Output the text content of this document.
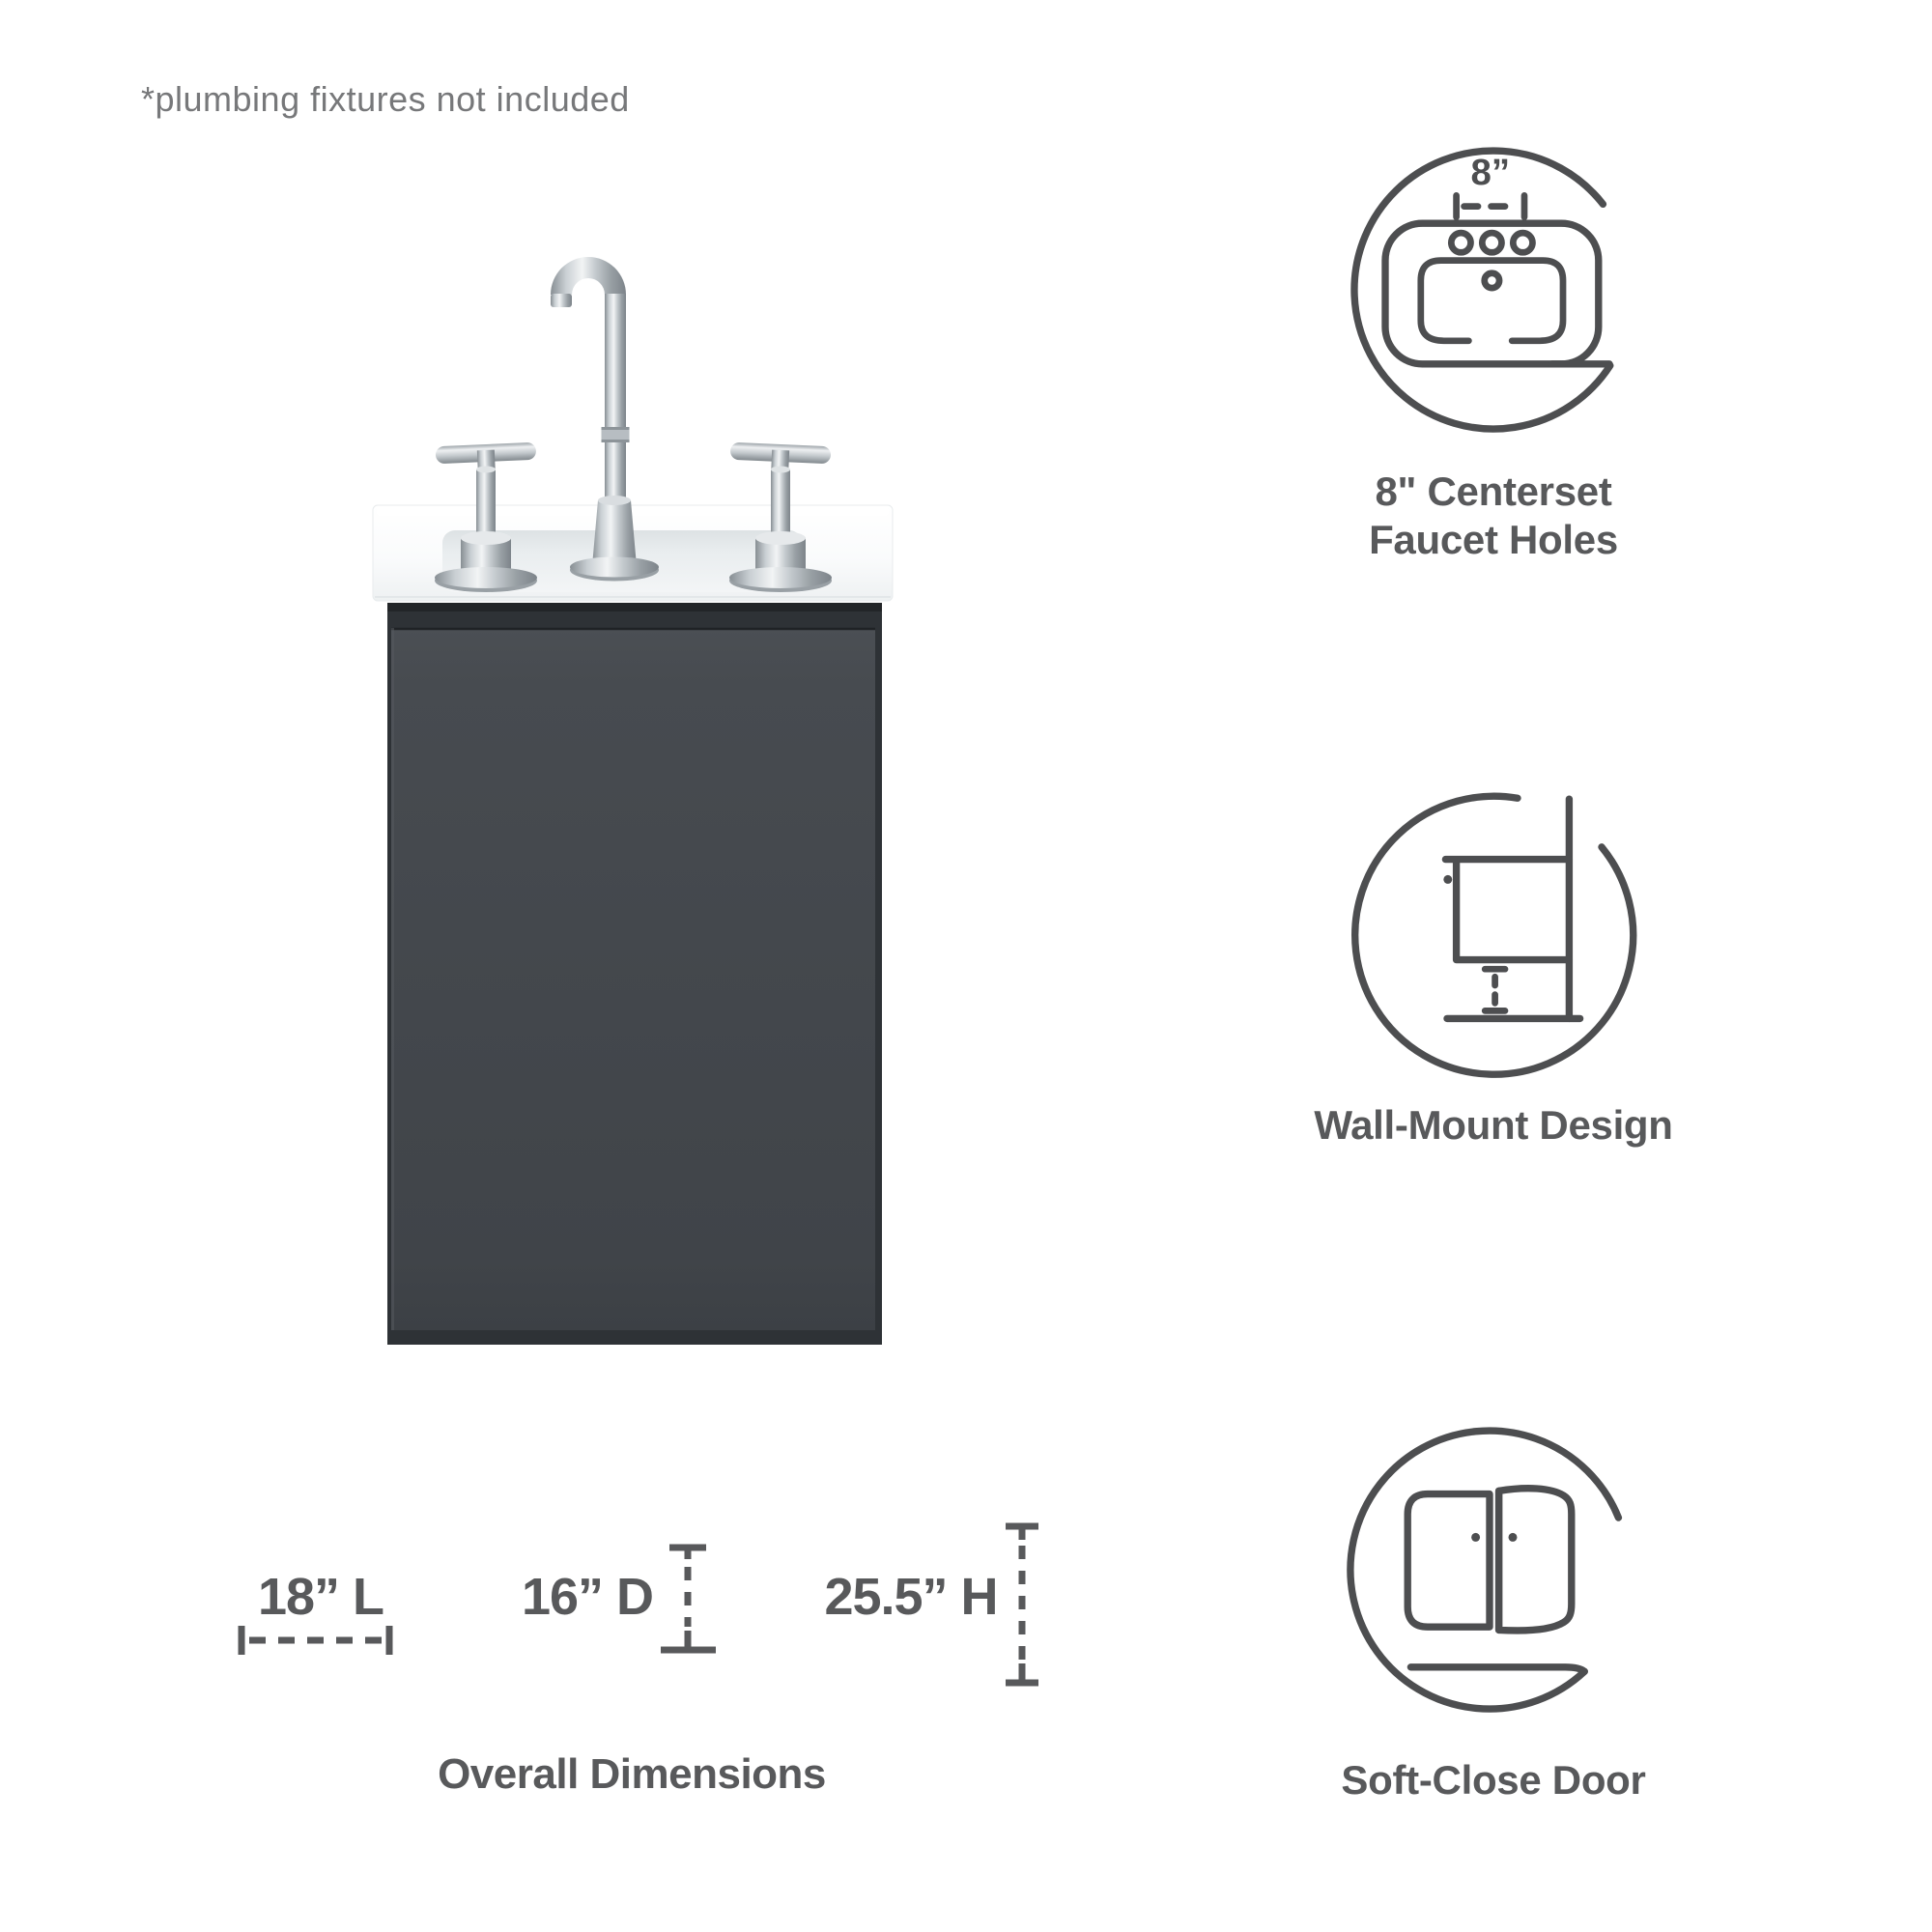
*plumbing fixtures not included
8”
8" Centerset
Faucet Holes
Wall-Mount Design
Soft-Close Door
18” L	16” D	25.5” H
Overall Dimensions
